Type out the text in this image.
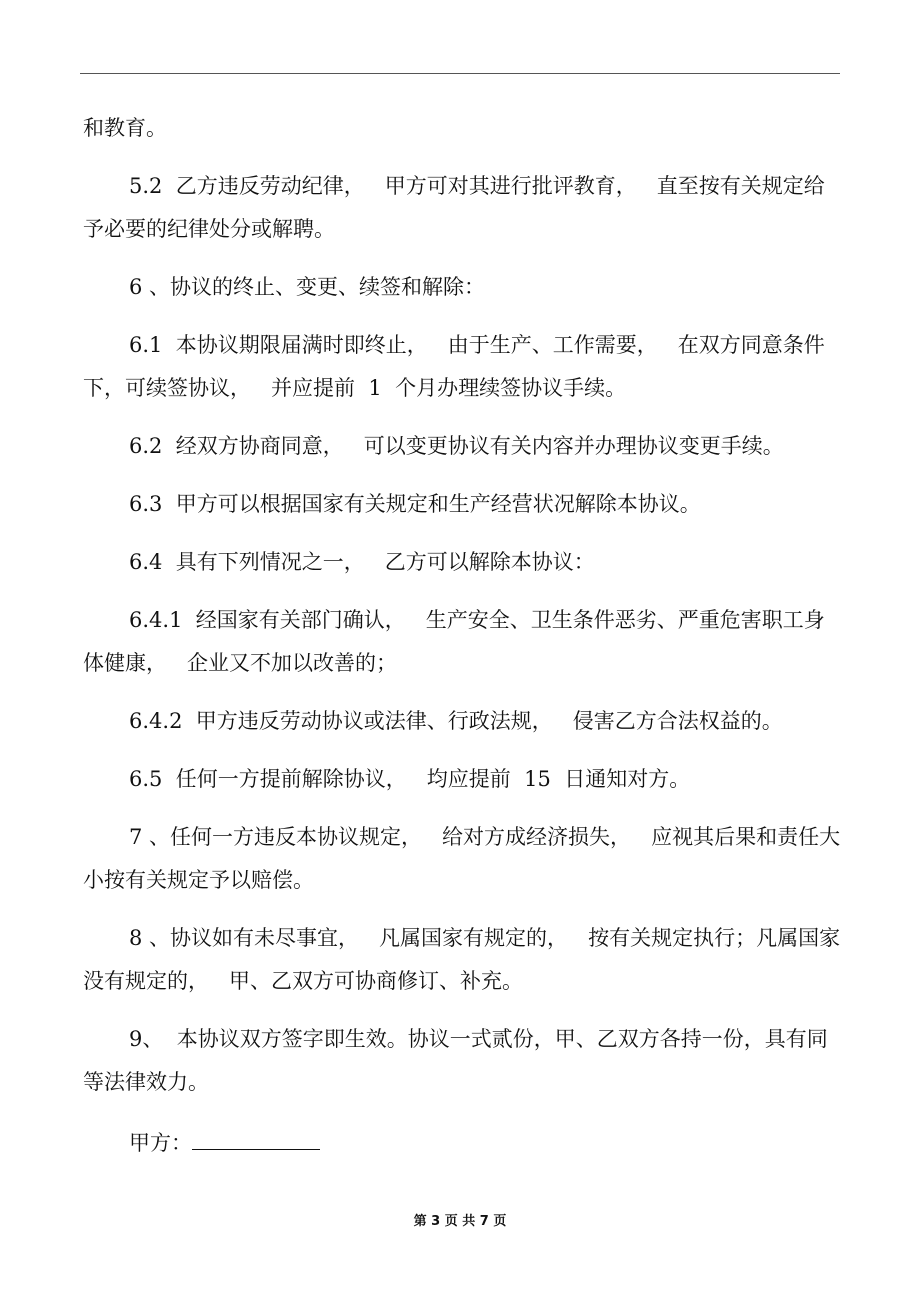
和教育。

5.2  乙方违反劳动纪律，   甲方可对其进行批评教育，   直至按有关规定给予必要的纪律处分或解聘。

6 、协议的终止、变更、续签和解除：

6.1  本协议期限届满时即终止，   由于生产、工作需要，   在双方同意条件下，可续签协议，   并应提前  1  个月办理续签协议手续。

6.2  经双方协商同意，   可以变更协议有关内容并办理协议变更手续。

6.3  甲方可以根据国家有关规定和生产经营状况解除本协议。

6.4  具有下列情况之一，   乙方可以解除本协议：

6.4.1  经国家有关部门确认，   生产安全、卫生条件恶劣、严重危害职工身体健康，   企业又不加以改善的；

6.4.2  甲方违反劳动协议或法律、行政法规，   侵害乙方合法权益的。

6.5  任何一方提前解除协议，   均应提前  15  日通知对方。

7 、任何一方违反本协议规定，   给对方成经济损失，   应视其后果和责任大小按有关规定予以赔偿。

8 、协议如有未尽事宜，   凡属国家有规定的，   按有关规定执行；凡属国家没有规定的，   甲、乙双方可协商修订、补充。

9、  本协议双方签字即生效。协议一式贰份，甲、乙双方各持一份，具有同等法律效力。

甲方：

第 3 页 共 7 页
